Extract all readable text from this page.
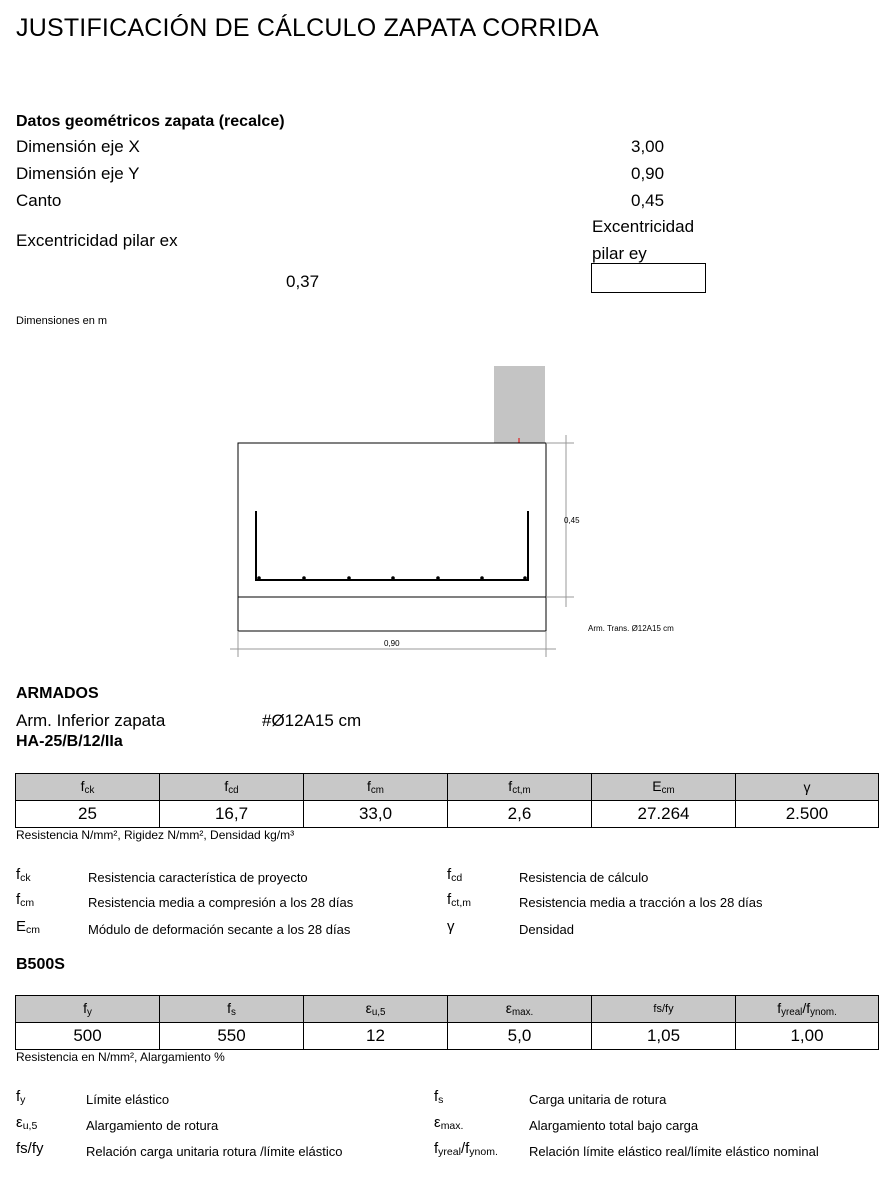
JUSTIFICACIÓN DE CÁLCULO ZAPATA CORRIDA
Datos geométricos zapata (recalce)
Dimensión eje X	3,00
Dimensión eje Y	0,90
Canto	0,45
Excentricidad pilar ex
Excentricidad
pilar ey
0,37
Dimensiones en m
0,45
0,90
Arm. Trans. Ø12A15 cm
ARMADOS
Arm. Inferior zapata	#Ø12A15 cm
HA-25/B/12/IIa
$f_{ck}$	$f_{cd}$	$f_{cm}$	$f_{ct,m}$	$E_{cm}$	γ
25	16,7	33,0	2,6	27.264	2.500
Resistencia N/mm², Rigidez N/mm², Densidad kg/m³
$f_{ck}$	Resistencia característica de proyecto	$f_{cd}$	Resistencia de cálculo
$f_{cm}$	Resistencia media a compresión a los 28 días	$f_{ct,m}$	Resistencia media a tracción a los 28 días
$E_{cm}$	Módulo de deformación secante a los 28 días	γ	Densidad
B500S
$f_y$	$f_s$	$\varepsilon_{u,5}$	$\varepsilon_{max.}$	fs/fy	$f_{yreal}/f_{ynom.}$
500	550	12	5,0	1,05	1,00
Resistencia en N/mm², Alargamiento %
$f_y$	Límite elástico	$f_s$	Carga unitaria de rotura
$\varepsilon_{u,5}$	Alargamiento de rotura	$\varepsilon_{max.}$	Alargamiento total bajo carga
fs/fy	Relación carga unitaria rotura /límite elástico	$f_{yreal}/f_{ynom.}$ Relación límite elástico real/límite elástico nominal
